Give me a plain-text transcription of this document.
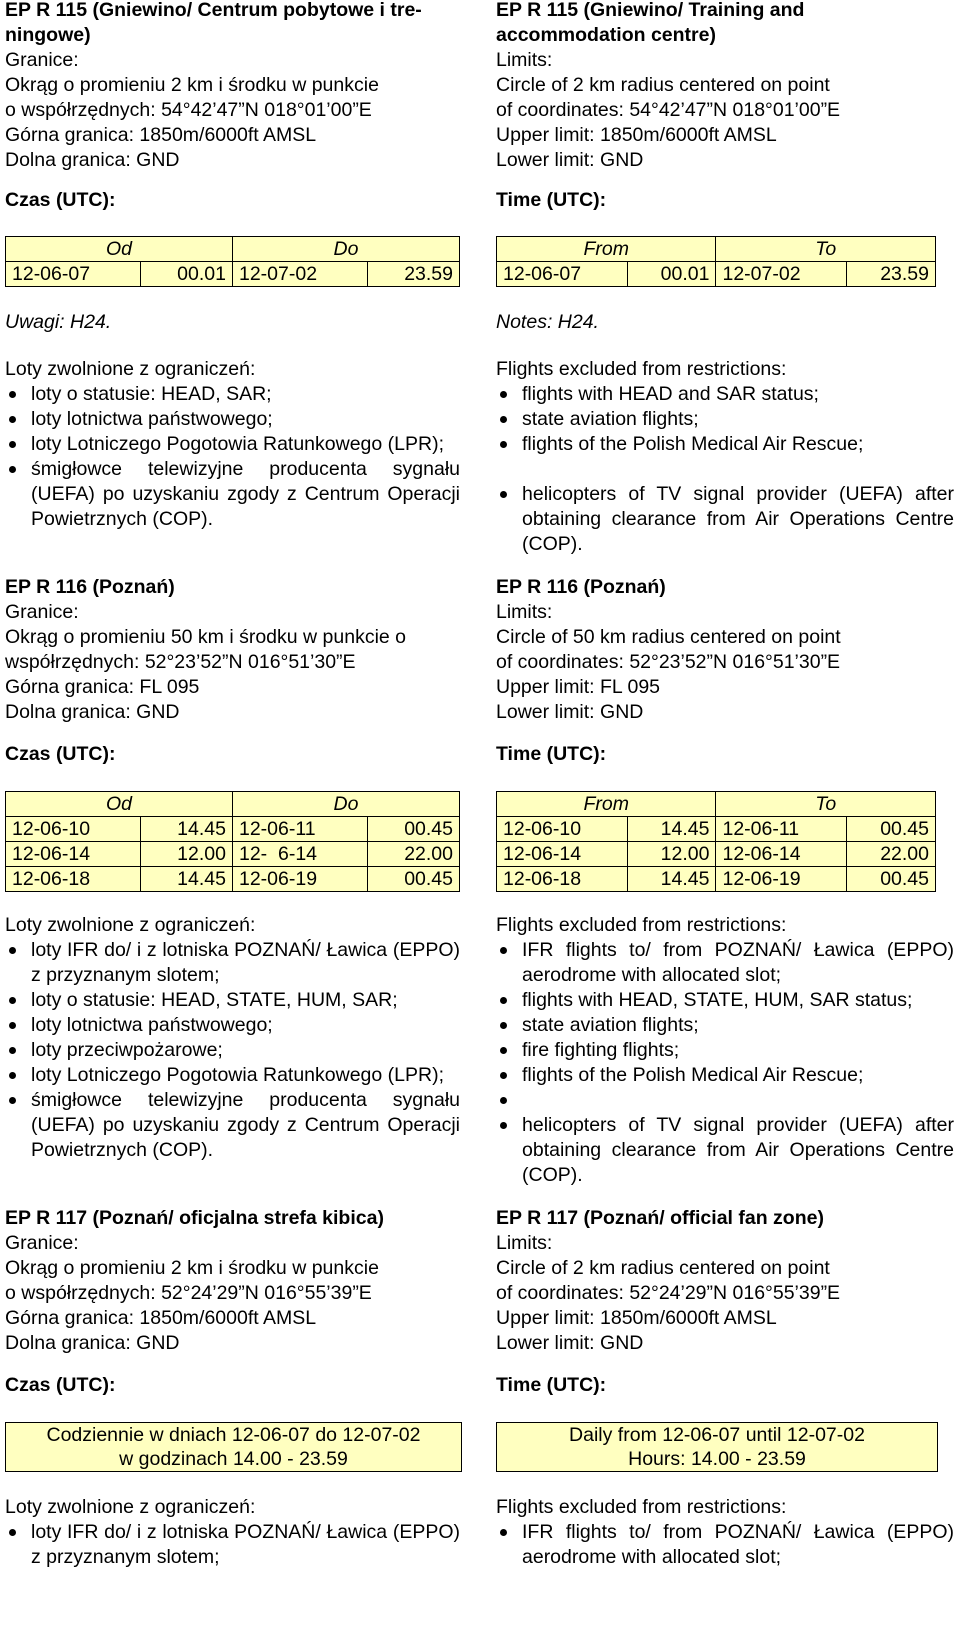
EP R 115 (Gniewino/ Centrum pobytowe i tre-
ningowe)
Granice:
Okrąg o promieniu 2 km i środku w punkcie
o współrzędnych: 54°42’47”N 018°01’00”E
Górna granica: 1850m/6000ft AMSL
Dolna granica: GND
Czas (UTC):
Od		Do	
12-06-07	00.01	12-07-02	23.59
Uwagi: H24.
Loty zwolnione z ograniczeń:
loty o statusie: HEAD, SAR;
loty lotnictwa państwowego;
loty Lotniczego Pogotowia Ratunkowego (LPR);
śmigłowce telewizyjne producenta sygnału (UEFA) po uzyskaniu zgody z Centrum Operacji Powietrznych (COP).
EP R 116 (Poznań)
Granice:
Okrąg o promieniu 50 km i środku w punkcie o
współrzędnych: 52°23’52”N 016°51’30”E
Górna granica: FL 095
Dolna granica: GND
Czas (UTC):
Od		Do	
12-06-10	14.45	12-06-11	00.45
12-06-14	12.00	12-  6-14	22.00
12-06-18	14.45	12-06-19	00.45
Loty zwolnione z ograniczeń:
loty IFR do/ i z lotniska POZNAŃ/ Ławica (EPPO) z przyznanym slotem;
loty o statusie: HEAD, STATE, HUM, SAR;
loty lotnictwa państwowego;
loty przeciwpożarowe;
loty Lotniczego Pogotowia Ratunkowego (LPR);
śmigłowce telewizyjne producenta sygnału (UEFA) po uzyskaniu zgody z Centrum Operacji Powietrznych (COP).
EP R 117 (Poznań/ oficjalna strefa kibica)
Granice:
Okrąg o promieniu 2 km i środku w punkcie
o współrzędnych: 52°24’29”N 016°55’39”E
Górna granica: 1850m/6000ft AMSL
Dolna granica: GND
Czas (UTC):
Codziennie w dniach 12-06-07 do 12-07-02
w godzinach 14.00 - 23.59
Loty zwolnione z ograniczeń:
loty IFR do/ i z lotniska POZNAŃ/ Ławica (EPPO) z przyznanym slotem;
EP R 115 (Gniewino/ Training and
accommodation centre)
Limits:
Circle of 2 km radius centered on point
of coordinates: 54°42’47”N 018°01’00”E
Upper limit: 1850m/6000ft AMSL
Lower limit: GND
Time (UTC):
From		To	
12-06-07	00.01	12-07-02	23.59
Notes: H24.
Flights excluded from restrictions:
flights with HEAD and SAR status;
state aviation flights;
flights of the Polish Medical Air Rescue;
helicopters of TV signal provider (UEFA) after obtaining clearance from Air Operations Centre (COP).
EP R 116 (Poznań)
Limits:
Circle of 50 km radius centered on point
of coordinates: 52°23’52”N 016°51’30”E
Upper limit: FL 095
Lower limit: GND
Time (UTC):
From		To	
12-06-10	14.45	12-06-11	00.45
12-06-14	12.00	12-06-14	22.00
12-06-18	14.45	12-06-19	00.45
Flights excluded from restrictions:
IFR flights to/ from POZNAŃ/ Ławica (EPPO) aerodrome with allocated slot;
flights with HEAD, STATE, HUM, SAR status;
state aviation flights;
fire fighting flights;
flights of the Polish Medical Air Rescue;
helicopters of TV signal provider (UEFA) after obtaining clearance from Air Operations Centre (COP).
EP R 117 (Poznań/ official fan zone)
Limits:
Circle of 2 km radius centered on point
of coordinates: 52°24’29”N 016°55’39”E
Upper limit: 1850m/6000ft AMSL
Lower limit: GND
Time (UTC):
Daily from 12-06-07 until 12-07-02
Hours: 14.00 - 23.59
Flights excluded from restrictions:
IFR flights to/ from POZNAŃ/ Ławica (EPPO) aerodrome with allocated slot;
